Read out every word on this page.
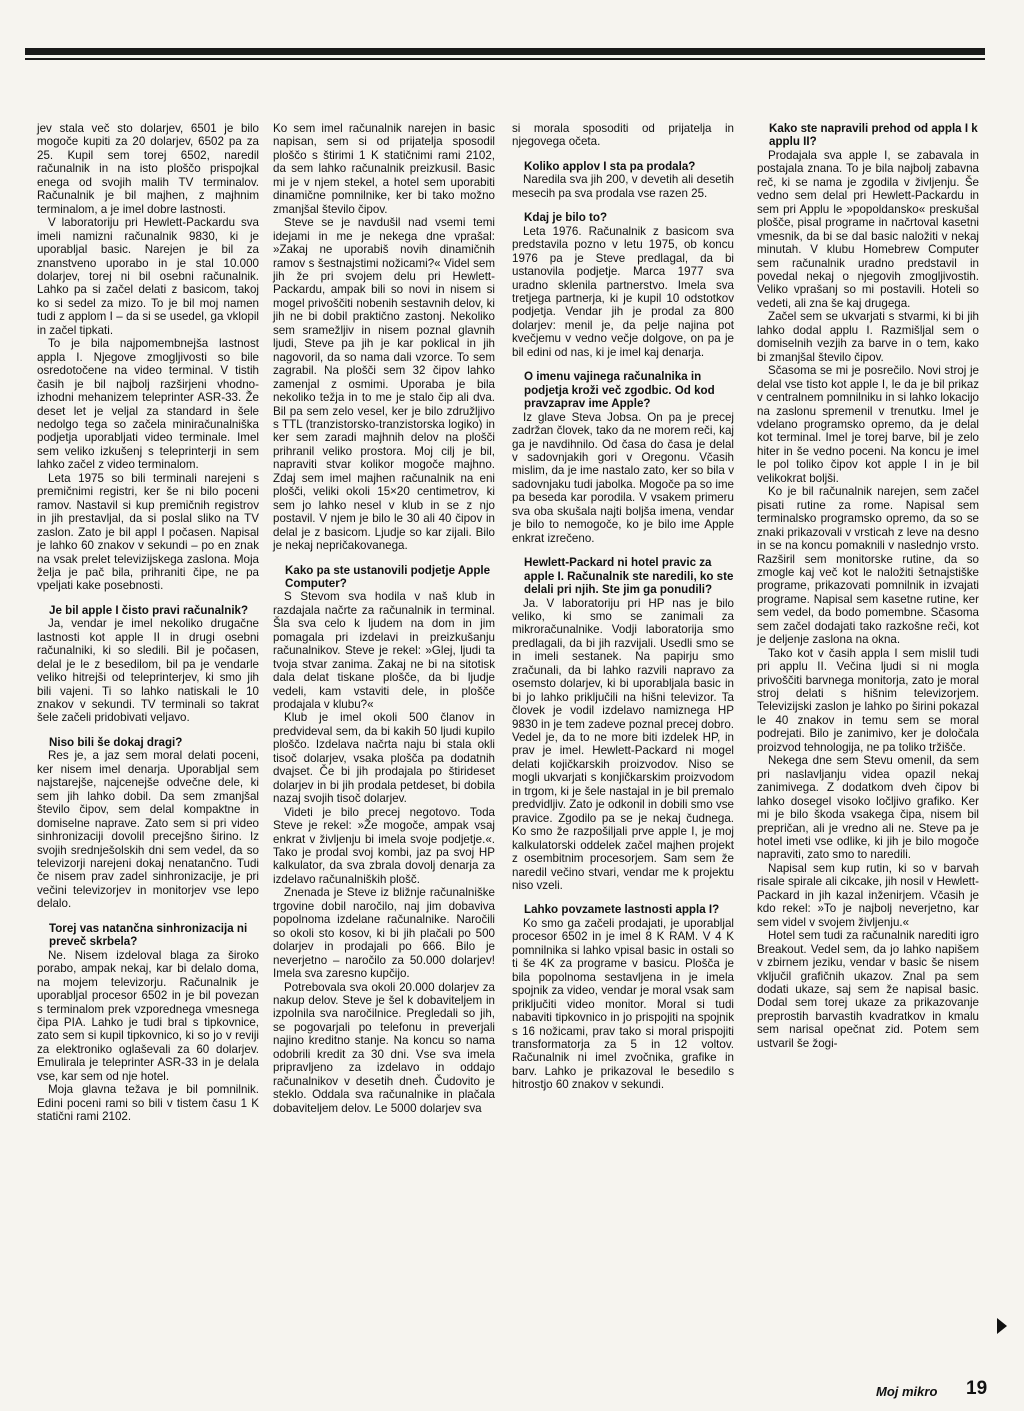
jev stala več sto dolarjev, 6501 je bilo mogoče kupiti za 20 dolarjev, 6502 pa za 25. Kupil sem torej 6502, naredil računalnik in na isto ploščo prispojkal enega od svojih malih TV terminalov. Računalnik je bil majhen, z majhnim terminalom, a je imel dobre lastnosti.

V laboratoriju pri Hewlett-Packardu sva imeli namizni računalnik 9830, ki je uporabljal basic. Narejen je bil za znanstveno uporabo in je stal 10.000 dolarjev, torej ni bil osebni računalnik. Lahko pa si začel delati z basicom, takoj ko si sedel za mizo. To je bil moj namen tudi z applom I – da si se usedel, ga vklopil in začel tipkati.

To je bila najpomembnejša lastnost appla I. Njegove zmogljivosti so bile osredotočene na video terminal. V tistih časih je bil najbolj razširjeni vhodno-izhodni mehanizem teleprinter ASR-33. Že deset let je veljal za standard in šele nedolgo tega so začela miniračunalniška podjetja uporabljati video terminale. Imel sem veliko izkušenj s teleprinterji in sem lahko začel z video terminalom.

Leta 1975 so bili terminali narejeni s premičnimi registri, ker še ni bilo poceni ramov. Nastavil si kup premičnih registrov in jih prestavljal, da si poslal sliko na TV zaslon. Zato je bil appl I počasen. Napisal je lahko 60 znakov v sekundi – po en znak na vsak prelet televizijskega zaslona. Moja želja je pač bila, prihraniti čipe, ne pa vpeljati kake posebnosti.

Je bil apple I čisto pravi računalnik?

Ja, vendar je imel nekoliko drugačne lastnosti kot apple II in drugi osebni računalniki, ki so sledili. Bil je počasen, delal je le z besedilom, bil pa je vendarle veliko hitrejši od teleprinterjev, ki smo jih bili vajeni. Ti so lahko natiskali le 10 znakov v sekundi. TV terminali so takrat šele začeli pridobivati veljavo.

Niso bili še dokaj dragi?

Res je, a jaz sem moral delati poceni, ker nisem imel denarja. Uporabljal sem najstarejše, najcenejše odvečne dele, ki sem jih lahko dobil. Da sem zmanjšal število čipov, sem delal kompaktne in domiselne naprave. Zato sem si pri video sinhronizaciji dovolil precejšno širino. Iz svojih srednješolskih dni sem vedel, da so televizorji narejeni dokaj nenatančno. Tudi če nisem prav zadel sinhronizacije, je pri večini televizorjev in monitorjev vse lepo delalo.

Torej vas natančna sinhronizacija ni preveč skrbela?

Ne. Nisem izdeloval blaga za široko porabo, ampak nekaj, kar bi delalo doma, na mojem televizorju. Računalnik je uporabljal procesor 6502 in je bil povezan s terminalom prek vzporednega vmesnega čipa PIA. Lahko je tudi bral s tipkovnice, zato sem si kupil tipkovnico, ki so jo v reviji za elektroniko oglaševali za 60 dolarjev. Emulirala je teleprinter ASR-33 in je delala vse, kar sem od nje hotel.

Moja glavna težava je bil pomnilnik. Edini poceni rami so bili v tistem času 1 K statični rami 2102.

Ko sem imel računalnik narejen in basic napisan, sem si od prijatelja sposodil ploščo s štirimi 1 K statičnimi rami 2102, da sem lahko računalnik preizkusil. Basic mi je v njem stekel, a hotel sem uporabiti dinamične pomnilnike, ker bi tako možno zmanjšal število čipov.

Steve se je navdušil nad vsemi temi idejami in me je nekega dne vprašal: »Zakaj ne uporabiš novih dinamičnih ramov s šestnajstimi nožicami?« Videl sem jih že pri svojem delu pri Hewlett-Packardu, ampak bili so novi in nisem si mogel privoščiti nobenih sestavnih delov, ki jih ne bi dobil praktično zastonj. Nekoliko sem sramežljiv in nisem poznal glavnih ljudi, Steve pa jih je kar poklical in jih nagovoril, da so nama dali vzorce. To sem zagrabil. Na plošči sem 32 čipov lahko zamenjal z osmimi. Uporaba je bila nekoliko težja in to me je stalo čip ali dva. Bil pa sem zelo vesel, ker je bilo združljivo s TTL (tranzistorsko-tranzistorska logiko) in ker sem zaradi majhnih delov na plošči prihranil veliko prostora. Moj cilj je bil, napraviti stvar kolikor mogoče majhno. Zdaj sem imel majhen računalnik na eni plošči, veliki okoli 15×20 centimetrov, ki sem jo lahko nesel v klub in se z njo postavil. V njem je bilo le 30 ali 40 čipov in delal je z basicom. Ljudje so kar zijali. Bilo je nekaj nepričakovanega.

Kako pa ste ustanovili podjetje Apple Computer?

S Stevom sva hodila v naš klub in razdajala načrte za računalnik in terminal. Šla sva celo k ljudem na dom in jim pomagala pri izdelavi in preizkušanju računalnikov. Steve je rekel: »Glej, ljudi ta tvoja stvar zanima. Zakaj ne bi na sitotisk dala delat tiskane plošče, da bi ljudje vedeli, kam vstaviti dele, in plošče prodajala v klubu?«

Klub je imel okoli 500 članov in predvideval sem, da bi kakih 50 ljudi kupilo ploščo. Izdelava načrta naju bi stala okli tisoč dolarjev, vsaka plošča pa dodatnih dvajset. Če bi jih prodajala po štirideset dolarjev in bi jih prodala petdeset, bi dobila nazaj svojih tisoč dolarjev.

Videti je bilo precej negotovo. Toda Steve je rekel: »Že mogoče, ampak vsaj enkrat v življenju bi imela svoje podjetje.«. Tako je prodal svoj kombi, jaz pa svoj HP kalkulator, da sva zbrala dovolj denarja za izdelavo računalniških plošč.

Znenada je Steve iz bližnje računalniške trgovine dobil naročilo, naj jim dobaviva popolnoma izdelane računalnike. Naročili so okoli sto kosov, ki bi jih plačali po 500 dolarjev in prodajali po 666. Bilo je neverjetno – naročilo za 50.000 dolarjev! Imela sva zaresno kupčijo.

Potrebovala sva okoli 20.000 dolarjev za nakup delov. Steve je šel k dobaviteljem in izpolnila sva naročilnice. Pregledali so jih, se pogovarjali po telefonu in preverjali najino kreditno stanje. Na koncu so nama odobrili kredit za 30 dni. Vse sva imela pripravljeno za izdelavo in oddajo računalnikov v desetih dneh. Čudovito je steklo. Oddala sva računalnike in plačala dobaviteljem delov. Le 5000 dolarjev sva

si morala sposoditi od prijatelja in njegovega očeta.

Koliko applov I sta pa prodala?

Naredila sva jih 200, v devetih ali desetih mesecih pa sva prodala vse razen 25.

Kdaj je bilo to?

Leta 1976. Računalnik z basicom sva predstavila pozno v letu 1975, ob koncu 1976 pa je Steve predlagal, da bi ustanovila podjetje. Marca 1977 sva uradno sklenila partnerstvo. Imela sva tretjega partnerja, ki je kupil 10 odstotkov podjetja. Vendar jih je prodal za 800 dolarjev: menil je, da pelje najina pot kvečjemu v vedno večje dolgove, on pa je bil edini od nas, ki je imel kaj denarja.

O imenu vajinega računalnika in podjetja kroži več zgodbic. Od kod pravzaprav ime Apple?

Iz glave Steva Jobsa. On pa je precej zadržan človek, tako da ne morem reči, kaj ga je navdihnilo. Od časa do časa je delal v sadovnjakih gori v Oregonu. Včasih mislim, da je ime nastalo zato, ker so bila v sadovnjaku tudi jabolka. Mogoče pa so ime pa beseda kar porodila. V vsakem primeru sva oba skušala najti boljša imena, vendar je bilo to nemogoče, ko je bilo ime Apple enkrat izrečeno.

Hewlett-Packard ni hotel pravic za apple I. Računalnik ste naredili, ko ste delali pri njih. Ste jim ga ponudili?

Ja. V laboratoriju pri HP nas je bilo veliko, ki smo se zanimali za mikroračunalnike. Vodji laboratorija smo predlagali, da bi jih razvijali. Usedli smo se in imeli sestanek. Na papirju smo zračunali, da bi lahko razvili napravo za osemsto dolarjev, ki bi uporabljala basic in bi jo lahko priključili na hišni televizor. Ta človek je vodil izdelavo namiznega HP 9830 in je tem zadeve poznal precej dobro. Vedel je, da to ne more biti izdelek HP, in prav je imel. Hewlett-Packard ni mogel delati kojičkarskih proizvodov. Niso se mogli ukvarjati s konjičkarskim proizvodom in trgom, ki je šele nastajal in je bil premalo predvidljiv. Zato je odkonil in dobili smo vse pravice. Zgodilo pa se je nekaj čudnega. Ko smo že razpošiljali prve apple I, je moj kalkulatorski oddelek začel majhen projekt z osembitnim procesorjem. Sam sem že naredil večino stvari, vendar me k projektu niso vzeli.

Lahko povzamete lastnosti appla I?

Ko smo ga začeli prodajati, je uporabljal procesor 6502 in je imel 8 K RAM. V 4 K pomnilnika si lahko vpisal basic in ostali so ti še 4K za programe v basicu. Plošča je bila popolnoma sestavljena in je imela spojnik za video, vendar je moral vsak sam priključiti video monitor. Moral si tudi nabaviti tipkovnico in jo prispojiti na spojnik s 16 nožicami, prav tako si moral prispojiti transformatorja za 5 in 12 voltov. Računalnik ni imel zvočnika, grafike in barv. Lahko je prikazoval le besedilo s hitrostjo 60 znakov v sekundi.

Kako ste napravili prehod od appla I k applu II?

Prodajala sva apple I, se zabavala in postajala znana. To je bila najbolj zabavna reč, ki se nama je zgodila v življenju. Še vedno sem delal pri Hewlett-Packardu in sem pri Applu le »popoldansko« preskušal plošče, pisal programe in načrtoval kasetni vmesnik, da bi se dal basic naložiti v nekaj minutah. V klubu Homebrew Computer sem računalnik uradno predstavil in povedal nekaj o njegovih zmogljivostih. Veliko vprašanj so mi postavili. Hoteli so vedeti, ali zna še kaj drugega.

Začel sem se ukvarjati s stvarmi, ki bi jih lahko dodal applu I. Razmišljal sem o domiselnih vezjih za barve in o tem, kako bi zmanjšal število čipov.

Sčasoma se mi je posrečilo. Novi stroj je delal vse tisto kot apple I, le da je bil prikaz v centralnem pomnilniku in si lahko lokacijo na zaslonu spremenil v trenutku. Imel je vdelano programsko opremo, da je delal kot terminal. Imel je torej barve, bil je zelo hiter in še vedno poceni. Na koncu je imel le pol toliko čipov kot apple I in je bil velikokrat boljši.

Ko je bil računalnik narejen, sem začel pisati rutine za rome. Napisal sem terminalsko programsko opremo, da so se znaki prikazovali v vrsticah z leve na desno in se na koncu pomaknili v naslednjo vrsto. Razširil sem monitorske rutine, da so zmogle kaj več kot le naložiti šetnajstiške programe, prikazovati pomnilnik in izvajati programe. Napisal sem kasetne rutine, ker sem vedel, da bodo pomembne. Sčasoma sem začel dodajati tako razkošne reči, kot je deljenje zaslona na okna.

Tako kot v časih appla I sem mislil tudi pri applu II. Večina ljudi si ni mogla privoščiti barvnega monitorja, zato je moral stroj delati s hišnim televizorjem. Televizijski zaslon je lahko po širini pokazal le 40 znakov in temu sem se moral podrejati. Bilo je zanimivo, ker je določala proizvod tehnologija, ne pa toliko tržišče.

Nekega dne sem Stevu omenil, da sem pri naslavljanju videa opazil nekaj zanimivega. Z dodatkom dveh čipov bi lahko dosegel visoko ločljivo grafiko. Ker mi je bilo škoda vsakega čipa, nisem bil prepričan, ali je vredno ali ne. Steve pa je hotel imeti vse odlike, ki jih je bilo mogoče napraviti, zato smo to naredili.

Napisal sem kup rutin, ki so v barvah risale spirale ali cikcake, jih nosil v Hewlett-Packard in jih kazal inženirjem. Včasih je kdo rekel: »To je najbolj neverjetno, kar sem videl v svojem življenju.«

Hotel sem tudi za računalnik narediti igro Breakout. Vedel sem, da jo lahko napišem v zbirnem jeziku, vendar v basic še nisem vključil grafičnih ukazov. Znal pa sem dodati ukaze, saj sem že napisal basic. Dodal sem torej ukaze za prikazovanje preprostih barvastih kvadratkov in kmalu sem narisal opečnat zid. Potem sem ustvaril še žogi-

Moj mikro 19
